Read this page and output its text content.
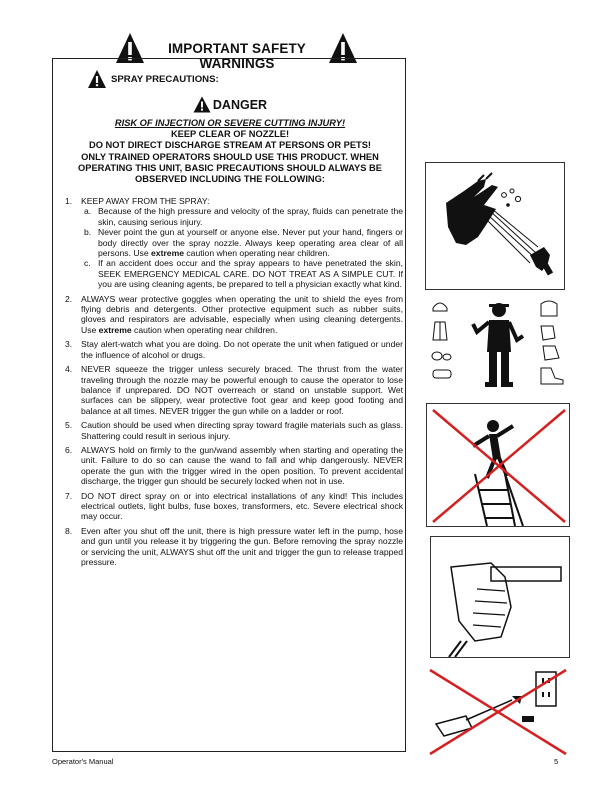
IMPORTANT SAFETY WARNINGS
SPRAY PRECAUTIONS:
DANGER
RISK OF INJECTION OR SEVERE CUTTING INJURY!
KEEP CLEAR OF NOZZLE!
DO NOT DIRECT DISCHARGE STREAM AT PERSONS OR PETS!
ONLY TRAINED OPERATORS SHOULD USE THIS PRODUCT. WHEN
OPERATING THIS UNIT, BASIC PRECAUTIONS SHOULD ALWAYS BE
OBSERVED INCLUDING THE FOLLOWING:
1. KEEP AWAY FROM THE SPRAY:
a. Because of the high pressure and velocity of the spray, fluids can penetrate the skin, causing serious injury.
b. Never point the gun at yourself or anyone else. Never put your hand, fingers or body directly over the spray nozzle. Always keep operating area clear of all persons. Use extreme caution when operating near children.
c. If an accident does occur and the spray appears to have penetrated the skin, SEEK EMERGENCY MEDICAL CARE. DO NOT TREAT AS A SIMPLE CUT. If you are using cleaning agents, be prepared to tell a physician exactly what kind.
2. ALWAYS wear protective goggles when operating the unit to shield the eyes from flying debris and detergents. Other protective equipment such as rubber suits, gloves and respirators are advisable, especially when using cleaning detergents. Use extreme caution when operating near children.
3. Stay alert-watch what you are doing. Do not operate the unit when fatigued or under the influence of alcohol or drugs.
4. NEVER squeeze the trigger unless securely braced. The thrust from the water traveling through the nozzle may be powerful enough to cause the operator to lose balance if unprepared. DO NOT overreach or stand on unstable support. Wet surfaces can be slippery, wear protective foot gear and keep good footing and balance at all times. NEVER trigger the gun while on a ladder or roof.
5. Caution should be used when directing spray toward fragile materials such as glass. Shattering could result in serious injury.
6. ALWAYS hold on firmly to the gun/wand assembly when starting and operating the unit. Failure to do so can cause the wand to fall and whip dangerously. NEVER operate the gun with the trigger wired in the open position. To prevent accidental discharge, the trigger gun should be securely locked when not in use.
7. DO NOT direct spray on or into electrical installations of any kind! This includes electrical outlets, light bulbs, fuse boxes, transformers, etc. Severe electrical shock may occur.
8. Even after you shut off the unit, there is high pressure water left in the pump, hose and gun until you release it by triggering the gun. Before removing the spray nozzle or servicing the unit, ALWAYS shut off the unit and trigger the gun to release trapped pressure.
Operator's Manual	5
